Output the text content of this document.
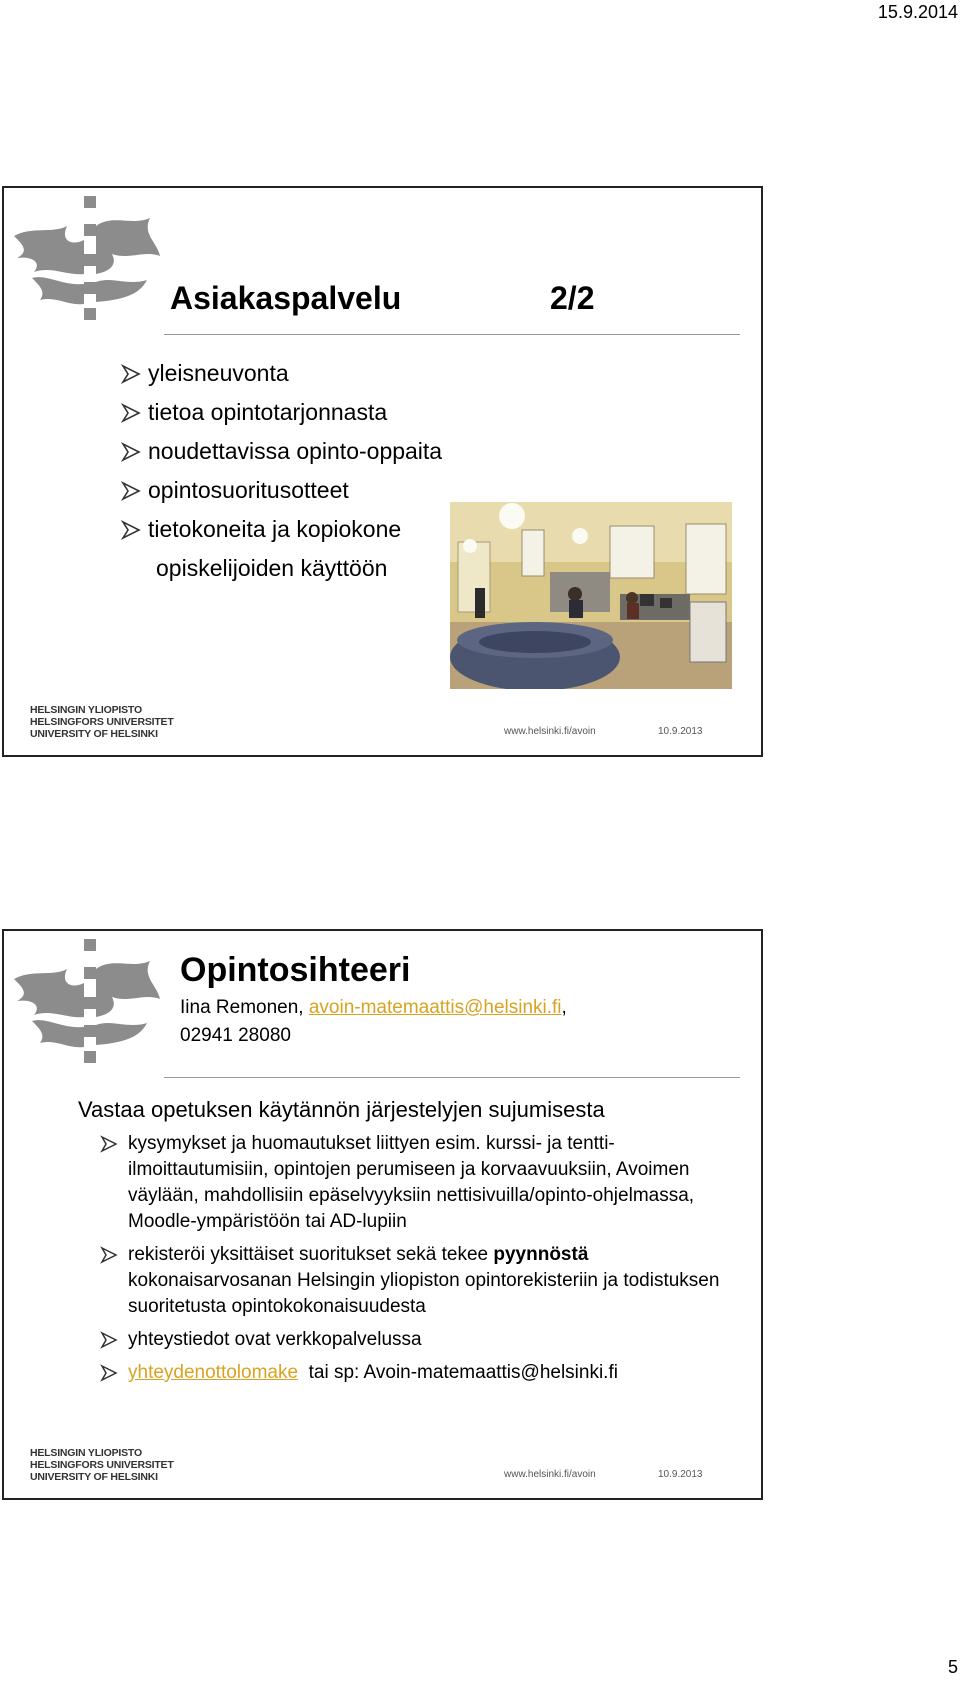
15.9.2014
Asiakaspalvelu	2/2
yleisneuvonta
tietoa opintotarjonnasta
noudettavissa opinto-oppaita
opintosuoritusotteet
tietokoneita ja kopiokone
opiskelijoiden käyttöön
HELSINGIN YLIOPISTO
HELSINGFORS UNIVERSITET
UNIVERSITY OF HELSINKI	www.helsinki.fi/avoin	10.9.2013
Opintosihteeri
Iina Remonen, avoin-matemaattis@helsinki.fi,
02941 28080
Vastaa opetuksen käytännön järjestelyjen sujumisesta
kysymykset ja huomautukset liittyen esim. kurssi- ja tentti-ilmoittautumisiin, opintojen perumiseen ja korvaavuuksiin, Avoimen väylään, mahdollisiin epäselvyyksiin nettisivuilla/opinto-ohjelmassa, Moodle-ympäristöön tai AD-lupiin
rekisteröi yksittäiset suoritukset sekä tekee pyynnöstä kokonaisarvosanan Helsingin yliopiston opintorekisteriin ja todistuksen suoritetusta opintokokonaisuudesta
yhteystiedot ovat verkkopalvelussa
yhteydenottolomake  tai sp: Avoin-matemaattis@helsinki.fi
HELSINGIN YLIOPISTO
HELSINGFORS UNIVERSITET
UNIVERSITY OF HELSINKI	www.helsinki.fi/avoin	10.9.2013
5
